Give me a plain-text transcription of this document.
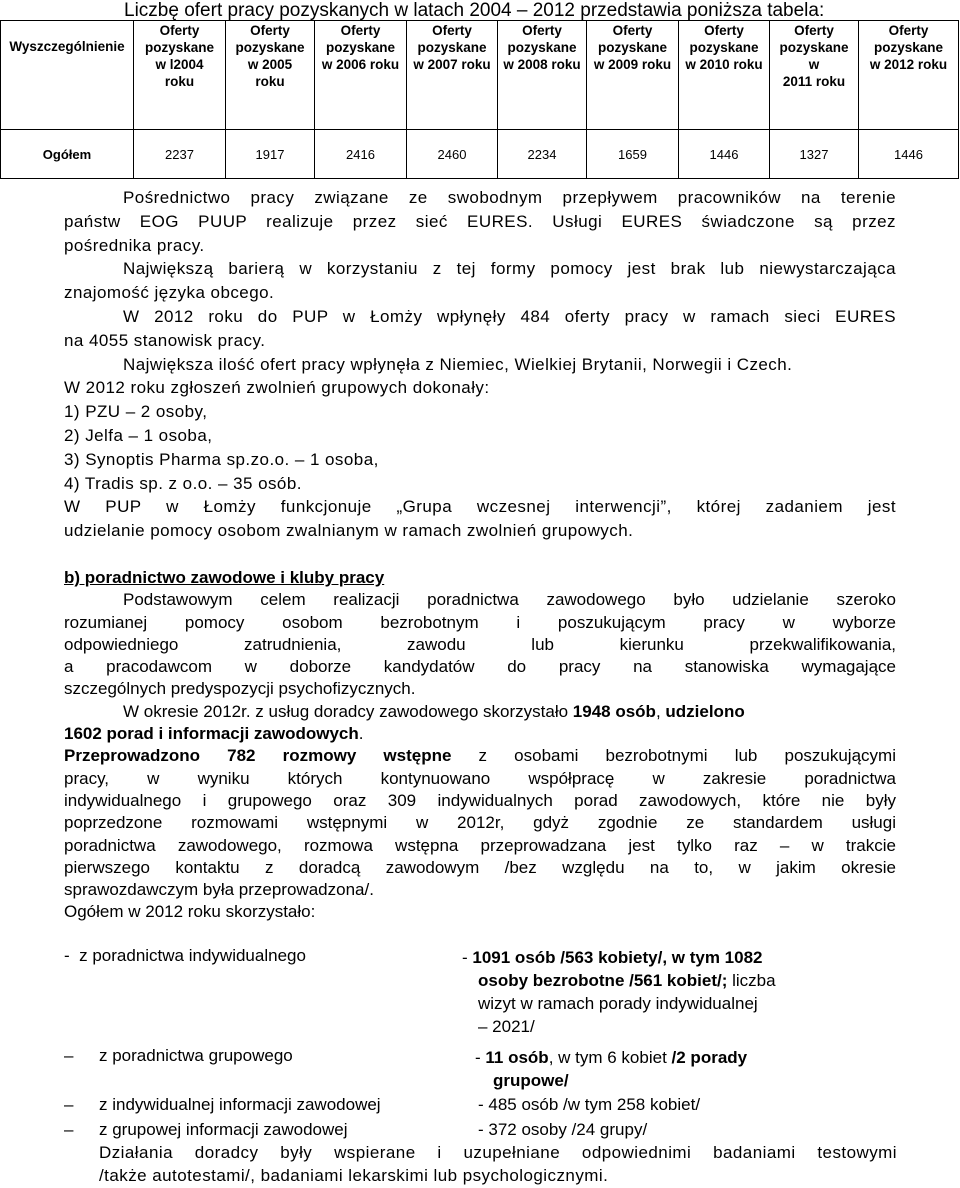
Liczbę ofert pracy pozyskanych w latach 2004 – 2012 przedstawia poniższa tabela:
Wyszczególnienie	Oferty
pozyskane
w l2004
roku	Oferty
pozyskane
w 2005
roku	Oferty
pozyskane
w 2006 roku	Oferty
pozyskane
w 2007 roku	Oferty
pozyskane
w 2008 roku	Oferty
pozyskane
w 2009 roku	Oferty
pozyskane
w 2010 roku	Oferty
pozyskane
w
2011 roku	Oferty
pozyskane
w 2012 roku

Ogółem	2237	1917	2416	2460	2234	1659	1446	1327	1446

Pośrednictwo pracy związane ze swobodnym przepływem pracowników na terenie

państw EOG PUUP realizuje przez sieć EURES. Usługi EURES świadczone są przez

pośrednika pracy.

Największą barierą w korzystaniu z tej formy pomocy jest brak lub niewystarczająca

znajomość języka obcego.

W 2012 roku do PUP w Łomży wpłynęły 484 oferty pracy w ramach sieci EURES

na 4055 stanowisk pracy.

Największa ilość ofert pracy wpłynęła z Niemiec, Wielkiej Brytanii, Norwegii i Czech.

W 2012 roku zgłoszeń zwolnień grupowych dokonały:

1) PZU – 2 osoby,

2) Jelfa – 1 osoba,

3) Synoptis Pharma sp.zo.o. – 1 osoba,

4) Tradis sp. z o.o. – 35 osób.

W PUP w Łomży funkcjonuje „Grupa wczesnej interwencji”, której zadaniem jest

udzielanie pomocy osobom zwalnianym w ramach zwolnień grupowych.

b) poradnictwo zawodowe i kluby pracy

Podstawowym celem realizacji poradnictwa zawodowego było udzielanie szeroko

rozumianej pomocy osobom bezrobotnym i poszukującym pracy w wyborze

odpowiedniego zatrudnienia, zawodu lub kierunku przekwalifikowania,

a pracodawcom w doborze kandydatów do pracy na stanowiska wymagające

szczególnych predyspozycji psychofizycznych.

W okresie 2012r. z usług doradcy zawodowego skorzystało 1948 osób, udzielono

1602 porad i informacji zawodowych.

Przeprowadzono 782 rozmowy wstępne z osobami bezrobotnymi lub poszukującymi

pracy, w wyniku których kontynuowano współpracę w zakresie poradnictwa

indywidualnego i grupowego oraz 309 indywidualnych porad zawodowych, które nie były

poprzedzone rozmowami wstępnymi w 2012r, gdyż zgodnie ze standardem usługi

poradnictwa zawodowego, rozmowa wstępna przeprowadzana jest tylko raz – w trakcie

pierwszego kontaktu z doradcą zawodowym /bez względu na to, w jakim okresie

sprawozdawczym była przeprowadzona/.

Ogółem w 2012 roku skorzystało:

- z poradnictwa indywidualnego	- 1091 osób /563 kobiety/, w tym 1082
osoby bezrobotne /561 kobiet/; liczba
wizyt w ramach porady indywidualnej
– 2021/
– z poradnictwa grupowego	- 11 osób, w tym 6 kobiet /2 porady
grupowe/
– z indywidualnej informacji zawodowej	- 485 osób /w tym 258 kobiet/
– z grupowej informacji zawodowej	- 372 osoby /24 grupy/

Działania doradcy były wspierane i uzupełniane odpowiednimi badaniami testowymi

/także autotestami/, badaniami lekarskimi lub psychologicznymi.
